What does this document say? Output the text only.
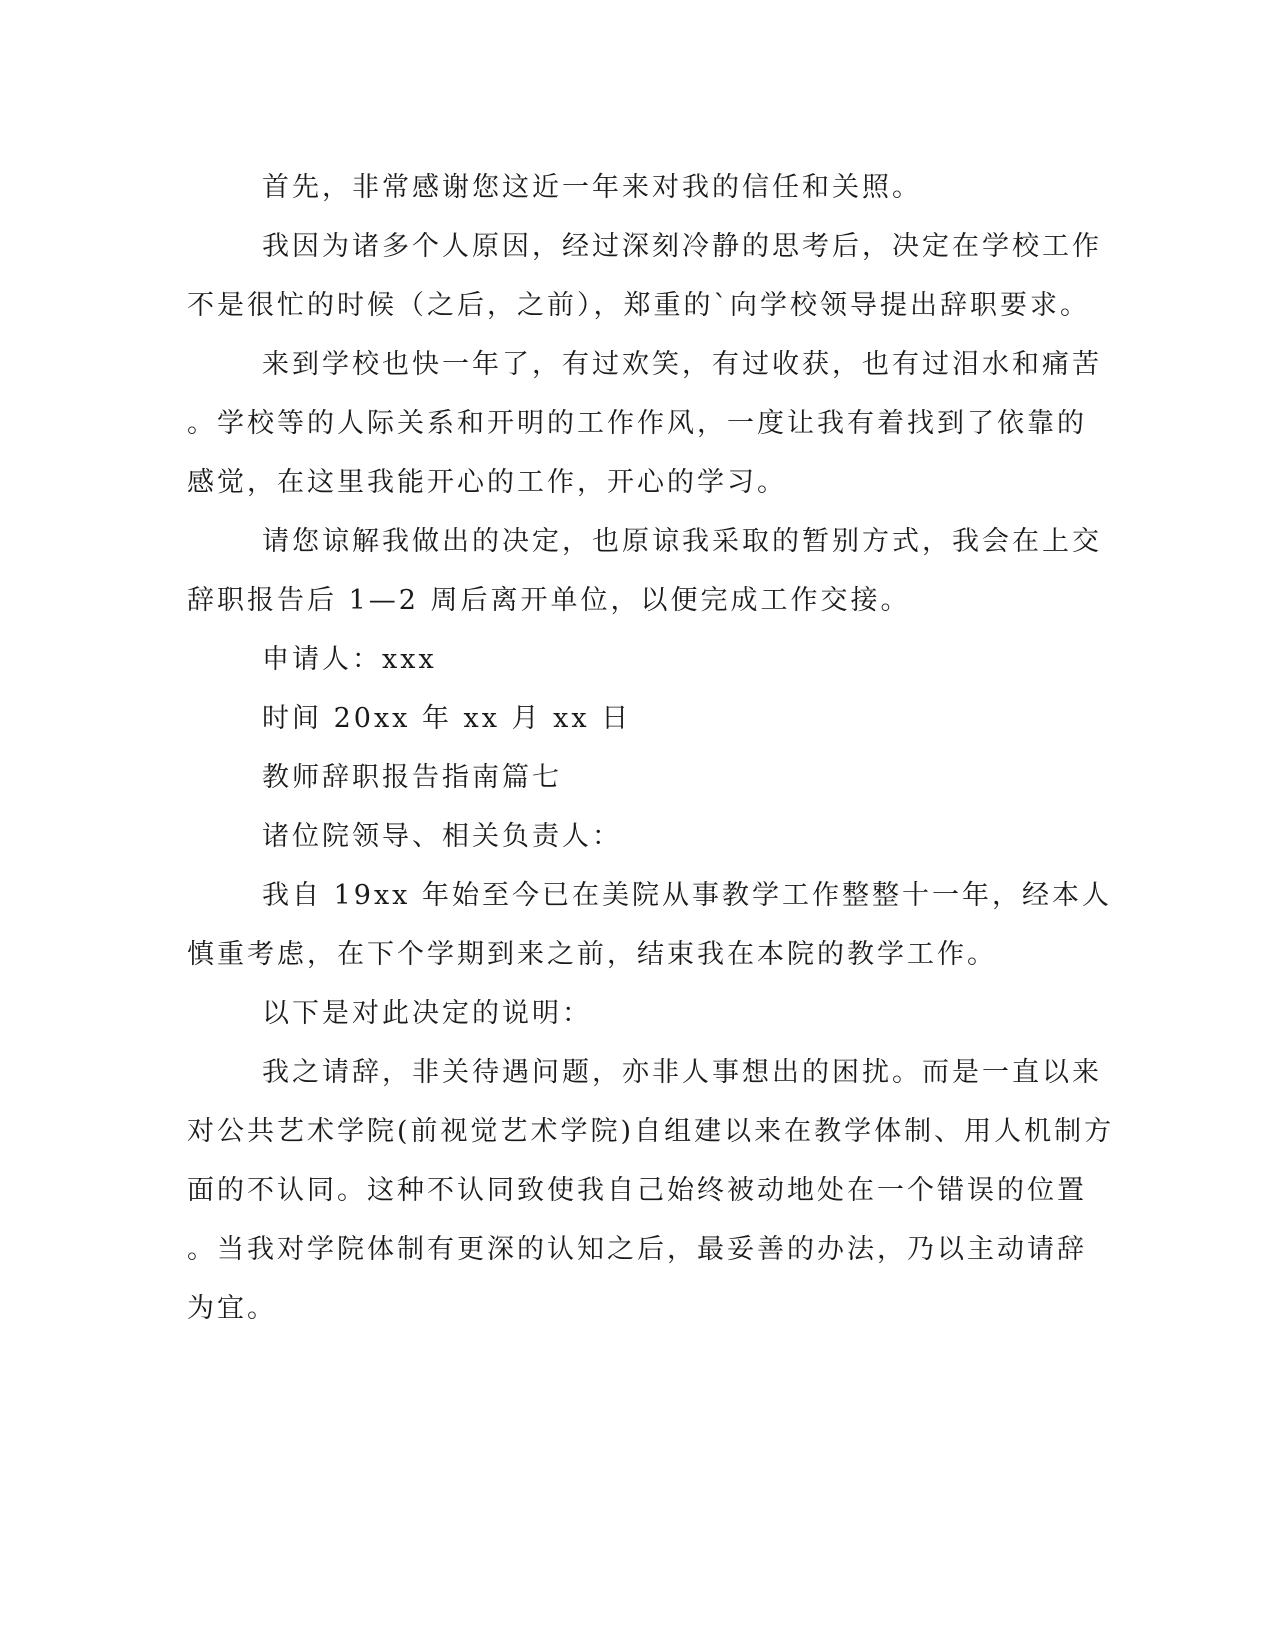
首先，非常感谢您这近一年来对我的信任和关照。

我因为诸多个人原因，经过深刻冷静的思考后，决定在学校工作

不是很忙的时候（之后，之前），郑重的`向学校领导提出辞职要求。

来到学校也快一年了，有过欢笑，有过收获，也有过泪水和痛苦

。学校等的人际关系和开明的工作作风，一度让我有着找到了依靠的

感觉，在这里我能开心的工作，开心的学习。

请您谅解我做出的决定，也原谅我采取的暂别方式，我会在上交

辞职报告后 1—2 周后离开单位，以便完成工作交接。

申请人：xxx

时间 20xx 年 xx 月 xx 日

教师辞职报告指南篇七

诸位院领导、相关负责人：

我自 19xx 年始至今已在美院从事教学工作整整十一年，经本人

慎重考虑，在下个学期到来之前，结束我在本院的教学工作。

以下是对此决定的说明：

我之请辞，非关待遇问题，亦非人事想出的困扰。而是一直以来

对公共艺术学院(前视觉艺术学院)自组建以来在教学体制、用人机制方

面的不认同。这种不认同致使我自己始终被动地处在一个错误的位置

。当我对学院体制有更深的认知之后，最妥善的办法，乃以主动请辞

为宜。
